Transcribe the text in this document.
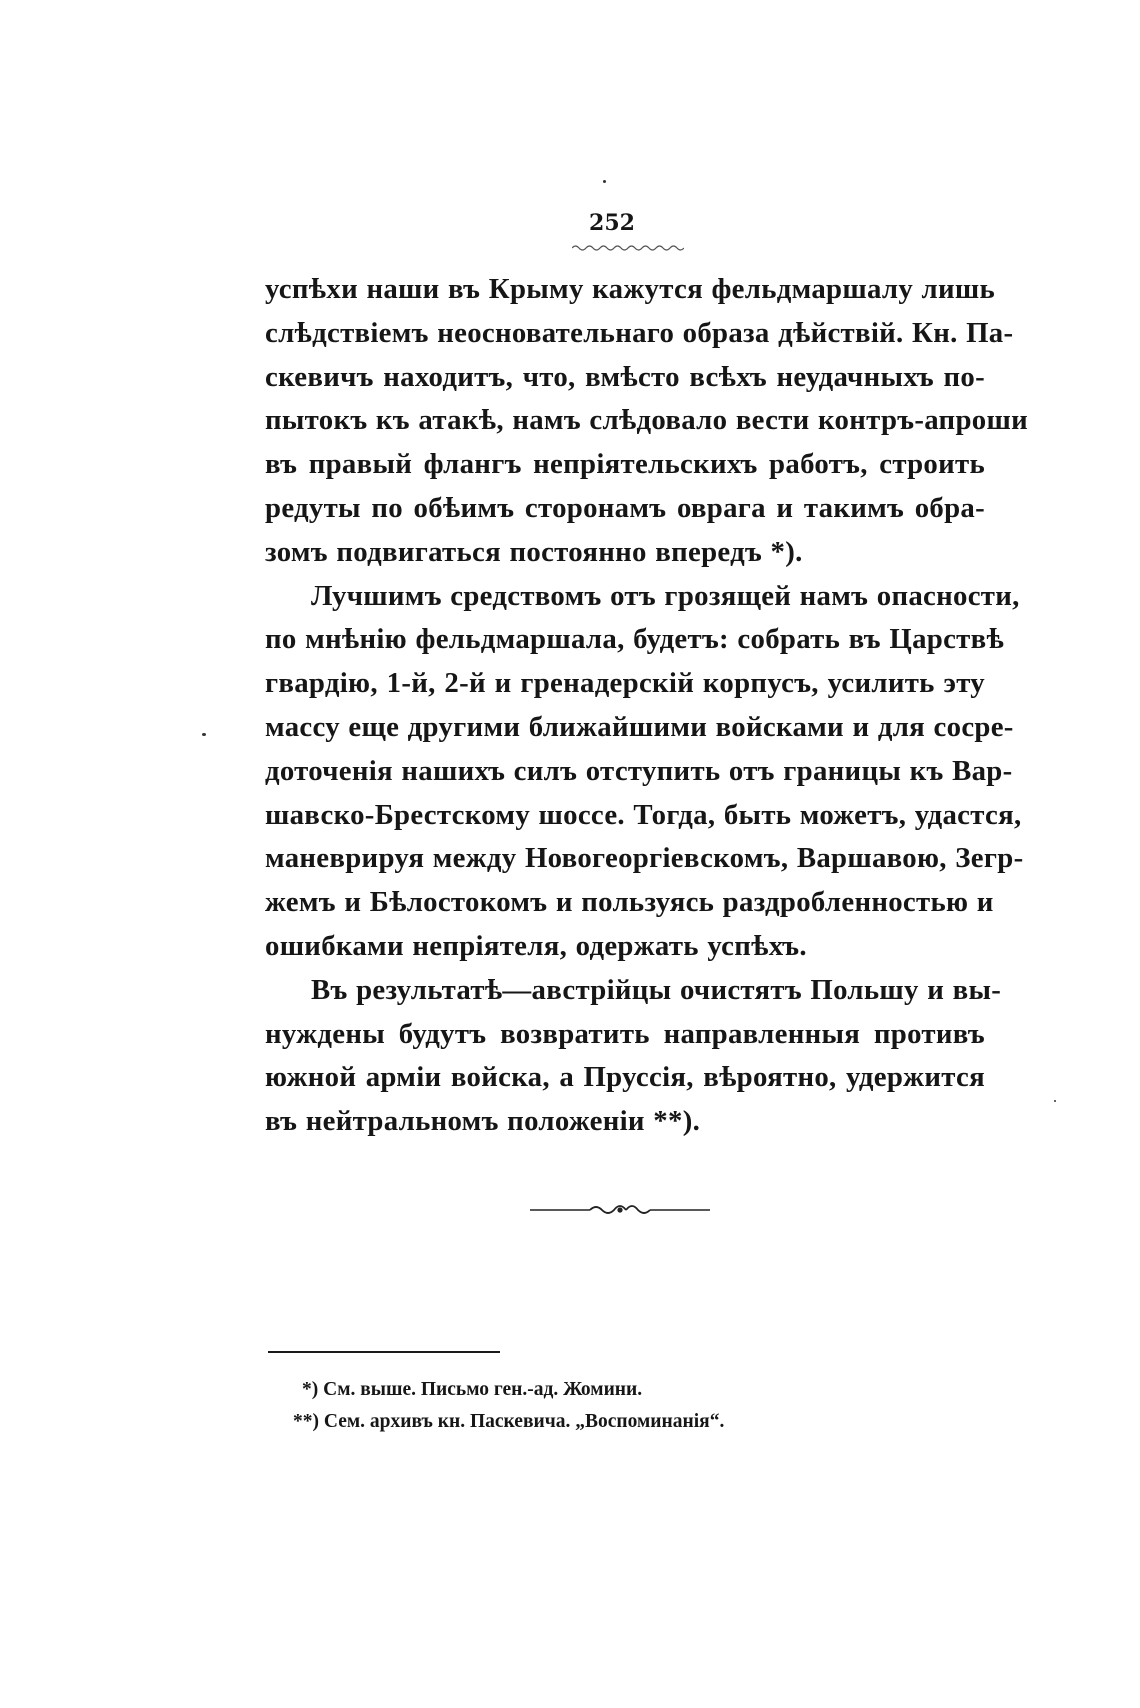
252
успѣхи наши въ Крыму кажутся фельдмаршалу лишь
слѣдствіемъ неосновательнаго образа дѣйствій. Кн. Па-
скевичъ находитъ, что, вмѣсто всѣхъ неудачныхъ по-
пытокъ къ атакѣ, намъ слѣдовало вести контръ-апроши
въ правый флангъ непріятельскихъ работъ, строить
редуты по обѣимъ сторонамъ оврага и такимъ обра-
зомъ подвигаться постоянно впередъ *).
Лучшимъ средствомъ отъ грозящей намъ опасности,
по мнѣнію фельдмаршала, будетъ: собрать въ Царствѣ
гвардію, 1-й, 2-й и гренадерскій корпусъ, усилить эту
массу еще другими ближайшими войсками и для сосре-
доточенія нашихъ силъ отступить отъ границы къ Вар-
шавско-Брестскому шоссе. Тогда, быть можетъ, удастся,
маневрируя между Новогеоргіевскомъ, Варшавою, Зегр-
жемъ и Бѣлостокомъ и пользуясь раздробленностью и
ошибками непріятеля, одержать успѣхъ.
Въ результатѣ—австрійцы очистятъ Польшу и вы-
нуждены будутъ возвратить направленныя противъ
южной арміи войска, а Пруссія, вѣроятно, удержится
въ нейтральномъ положеніи **).
*) См. выше. Письмо ген.-ад. Жомини.
**) Сем. архивъ кн. Паскевича. „Воспоминанія“.
